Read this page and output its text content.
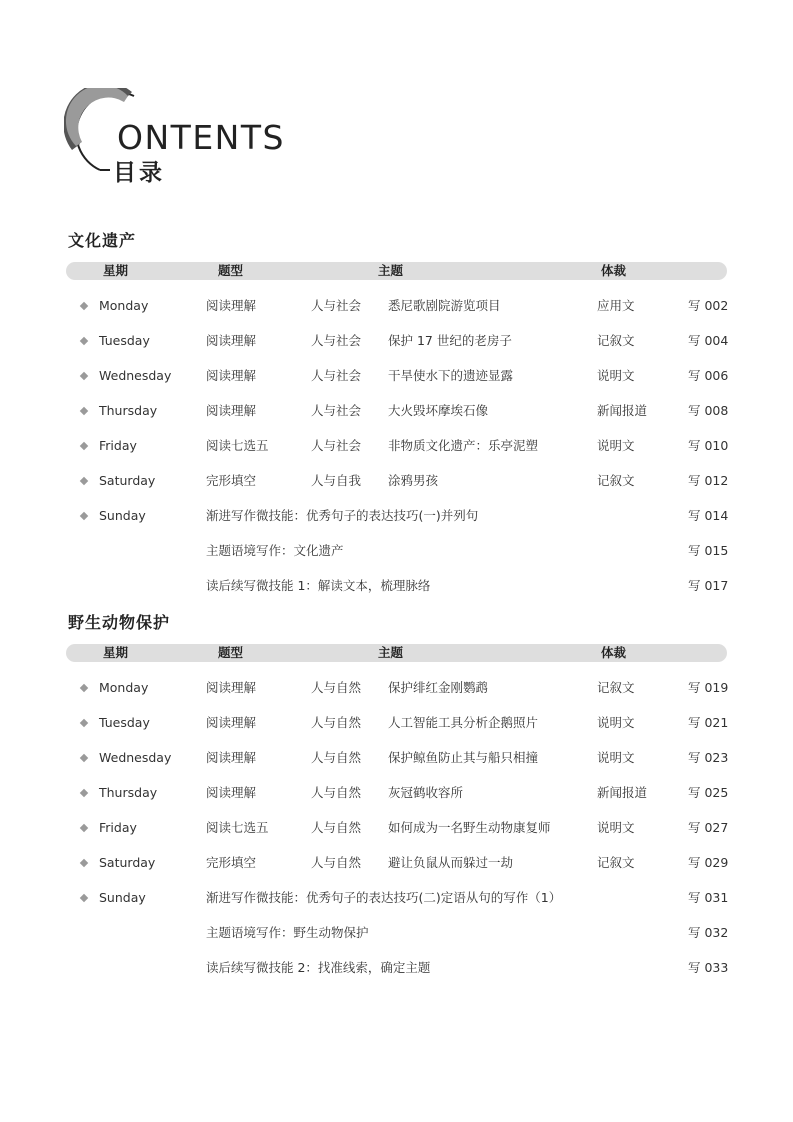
ONTENTS
目录
文化遗产
星期	题型	主题	体裁
Monday	阅读理解	人与社会 悉尼歌剧院游览项目	应用文	写 002
Tuesday	阅读理解	人与社会 保护 17 世纪的老房子	记叙文	写 004
Wednesday	阅读理解	人与社会 干旱使水下的遗迹显露	说明文	写 006
Thursday	阅读理解	人与社会 大火毁坏摩埃石像	新闻报道	写 008
Friday	阅读七选五	人与社会 非物质文化遗产：乐亭泥塑	说明文	写 010
Saturday	完形填空	人与自我 涂鸦男孩	记叙文	写 012
Sunday	渐进写作微技能：优秀句子的表达技巧(一)并列句	写 014
主题语境写作：文化遗产	写 015
读后续写微技能 1：解读文本，梳理脉络	写 017
野生动物保护
星期	题型	主题	体裁
Monday	阅读理解	人与自然 保护绯红金刚鹦鹉	记叙文	写 019
Tuesday	阅读理解	人与自然 人工智能工具分析企鹅照片	说明文	写 021
Wednesday	阅读理解	人与自然 保护鲸鱼防止其与船只相撞	说明文	写 023
Thursday	阅读理解	人与自然 灰冠鹤收容所	新闻报道	写 025
Friday	阅读七选五	人与自然 如何成为一名野生动物康复师	说明文	写 027
Saturday	完形填空	人与自然 避让负鼠从而躲过一劫	记叙文	写 029
Sunday	渐进写作微技能：优秀句子的表达技巧(二)定语从句的写作（1）	写 031
主题语境写作：野生动物保护	写 032
读后续写微技能 2：找准线索，确定主题	写 033
